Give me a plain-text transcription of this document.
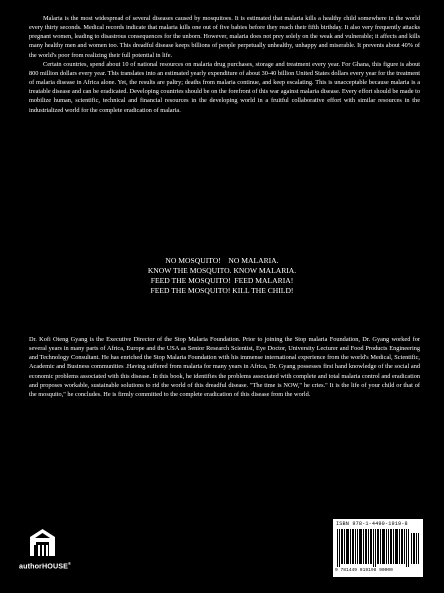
Malaria is the most widespread of several diseases caused by mosquitoes. It is estimated that malaria kills a healthy child somewhere in the world every thirty seconds. Medical records indicate that malaria kills one out of five babies before they reach their fifth birthday. It also very frequently attacks pregnant women, leading to disastrous consequences for the unborn. However, malaria does not prey solely on the weak and vulnerable; it affects and kills many healthy men and women too. This dreadful disease keeps billions of people perpetually unhealthy, unhappy and miserable. It prevents about 40% of the world's poor from realizing their full potential in life.

Certain countries, spend about 10 of national resources on malaria drug purchases, storage and treatment every year. For Ghana, this figure is about 800 million dollars every year. This translates into an estimated yearly expenditure of about 30-40 billion United States dollars every year for the treatment of malaria disease in Africa alone. Yet, the results are paltry; deaths from malaria continue, and keep escalating. This is unacceptable because malaria is a treatable disease and can be eradicated. Developing countries should be on the forefront of this war against malaria disease. Every effort should be made to mobilize human, scientific, technical and financial resources in the developing world in a fruitful collaborative effort with similar resources in the industrialized world for the complete eradication of malaria.

NO MOSQUITO!    NO MALARIA.
KNOW THE MOSQUITO. KNOW MALARIA.
FEED THE MOSQUITO!  FEED MALARIA!
FEED THE MOSQUITO! KILL THE CHILD!

Dr. Kofi Oteng Gyang is the Executive Director of the Stop Malaria Foundation. Prior to joining the Stop malaria Foundation, Dr. Gyang worked for several years in many parts of Africa, Europe and the USA as Senior Research Scientist, Eye Doctor, University Lecturer and Food Products Engineering and Technology Consultant. He has enriched the Stop Malaria Foundation with his immense international experience from the world's Medical, Scientific, Academic and Business communities .Having suffered from malaria for many years in Africa, Dr. Gyang possesses first hand knowledge of the social and economic problems associated with this disease. In this book, he identifies the problems associated with complete and total malaria control and eradication and proposes workable, sustainable solutions to rid the world of this dreadful disease. "The time is NOW," he cries." It is the life of your child or that of the mosquito," he concludes. He is firmly committed to the complete eradication of this disease from the world.

authorHOUSE®
ISBN 978-1-4490-1919-8
9 781449 019198 90000
